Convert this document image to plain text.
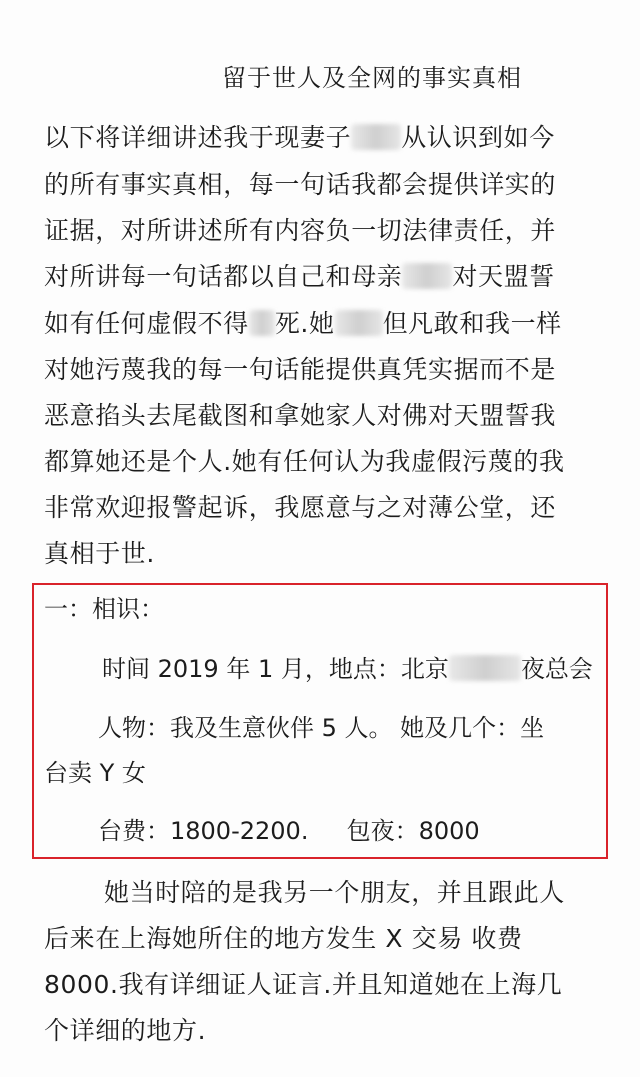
留于世人及全网的事实真相
以下将详细讲述我于现妻子 从认识到如今
的所有事实真相，每一句话我都会提供详实的
证据，对所讲述所有内容负一切法律责任，并
对所讲每一句话都以自己和母亲 对天盟誓
如有任何虚假不得 死.她 但凡敢和我一样
对她污蔑我的每一句话能提供真凭实据而不是
恶意掐头去尾截图和拿她家人对佛对天盟誓我
都算她还是个人.她有任何认为我虚假污蔑的我
非常欢迎报警起诉，我愿意与之对薄公堂，还
真相于世.
一：相识：
时间 2019 年 1 月，地点：北京	夜总会
人物：我及生意伙伴 5 人。 她及几个：坐
台卖 Y 女
台费：1800-2200.     包夜：8000
她当时陪的是我另一个朋友，并且跟此人
后来在上海她所住的地方发生 X 交易 收费
8000.我有详细证人证言.并且知道她在上海几
个详细的地方.
